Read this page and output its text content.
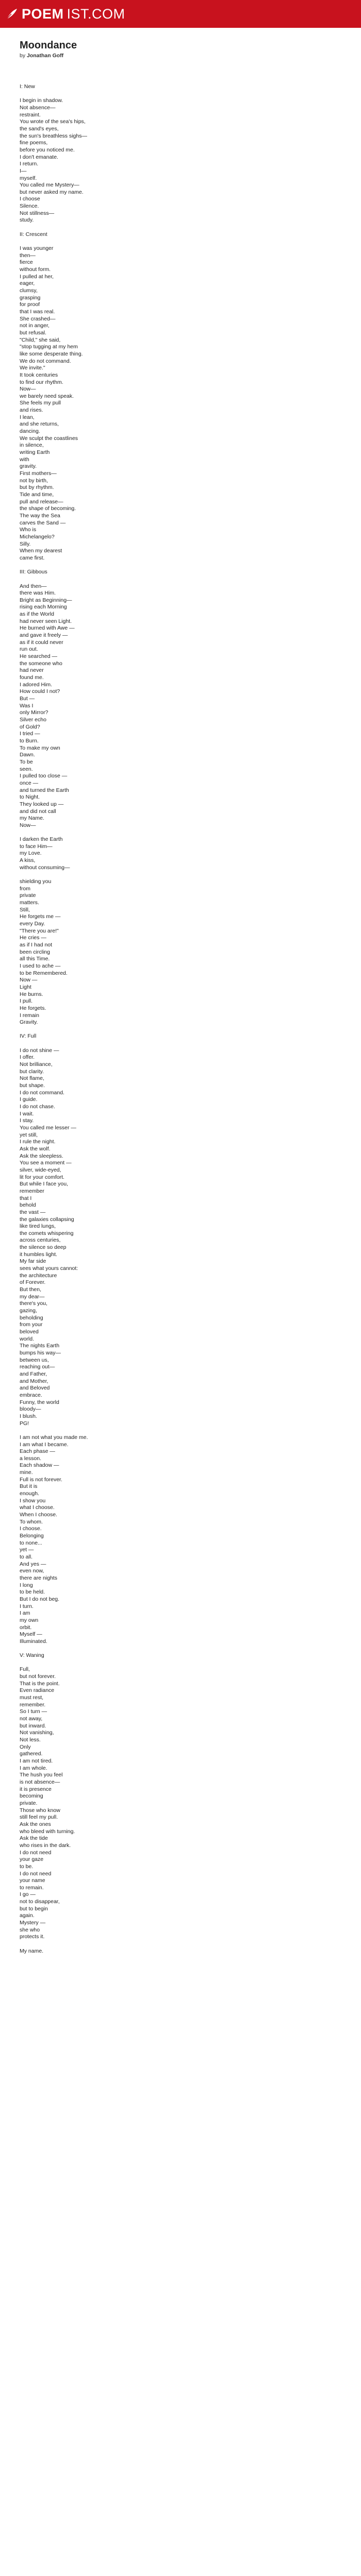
POEM IST.COM
Moondance
by Jonathan Goff
I: New
I begin in shadow.
Not absence—
restraint.
You wrote of the sea's hips,
the sand's eyes,
the sun's breathless sighs—
fine poems,
before you noticed me.
I don't emanate.
I return.
I—
myself.
You called me Mystery—
but never asked my name.
I choose
Silence.
Not stillness—
study.
II: Crescent
I was younger
then—
fierce
without form.
I pulled at her,
eager,
clumsy,
grasping
for proof
that I was real.
She crashed—
not in anger,
but refusal.
"Child," she said,
"stop tugging at my hem
like some desperate thing.
We do not command.
We invite."
It took centuries
to find our rhythm.
Now—
we barely need speak.
She feels my pull
and rises.
I lean,
and she returns,
dancing.
We sculpt the coastlines
in silence,
writing Earth
with
gravity.
First mothers—
not by birth,
but by rhythm.
Tide and time,
pull and release—
the shape of becoming.
The way the Sea
carves the Sand —
Who is
Michelangelo?
Silly.
When my dearest
came first.
III: Gibbous
And then—
there was Him.
Bright as Beginning—
rising each Morning
as if the World
had never seen Light.
He burned with Awe —
and gave it freely —
as if it could never
run out.
He searched —
the someone who
had never
found me.
I adored Him.
How could I not?
But —
Was I
only Mirror?
Silver echo
of Gold?
I tried —
to Burn.
To make my own
Dawn.
To be
seen.
I pulled too close —
once —
and turned the Earth
to Night.
They looked up —
and did not call
my Name.
Now—
I darken the Earth
to face Him—
my Love.
A kiss,
without consuming—
shielding you
from
private
matters.
Still,
He forgets me —
every Day.
"There you are!"
He cries —
as if I had not
been circling
all this Time.
I used to ache —
to be Remembered.
Now —
Light
He burns.
I pull.
He forgets.
I remain
Gravity.
IV: Full
I do not shine —
I offer.
Not brilliance,
but clarity.
Not flame,
but shape.
I do not command.
I guide.
I do not chase.
I wait.
I stay.
You called me lesser —
yet still,
I rule the night.
Ask the wolf.
Ask the sleepless.
You see a moment —
silver, wide-eyed,
lit for your comfort.
But while I face you,
remember
that I
behold
the vast —
the galaxies collapsing
like tired lungs,
the comets whispering
across centuries,
the silence so deep
it humbles light.
My far side
sees what yours cannot:
the architecture
of Forever.
But then,
my dear—
there's you,
gazing,
beholding
from your
beloved
world.
The nights Earth
bumps his way—
between us,
reaching out—
and Father,
and Mother,
and Beloved
embrace.
Funny, the world
bloody—
I blush.
PG!
I am not what you made me.
I am what I became.
Each phase —
a lesson.
Each shadow —
mine.
Full is not forever.
But it is
enough.
I show you
what I choose.
When I choose.
To whom.
I choose.
Belonging
to none...
yet —
to all.
And yes —
even now,
there are nights
I long
to be held.
But I do not beg.
I turn.
I am
my own
orbit.
Myself —
Illuminated.
V: Waning
Full,
but not forever.
That is the point.
Even radiance
must rest,
remember.
So I turn —
not away,
but inward.
Not vanishing,
Not less.
Only
gathered.
I am not tired.
I am whole.
The hush you feel
is not absence—
it is presence
becoming
private.
Those who know
still feel my pull.
Ask the ones
who bleed with turning.
Ask the tide
who rises in the dark.
I do not need
your gaze
to be.
I do not need
your name
to remain.
I go —
not to disappear,
but to begin
again.
Mystery —
she who
protects it.
My name.
